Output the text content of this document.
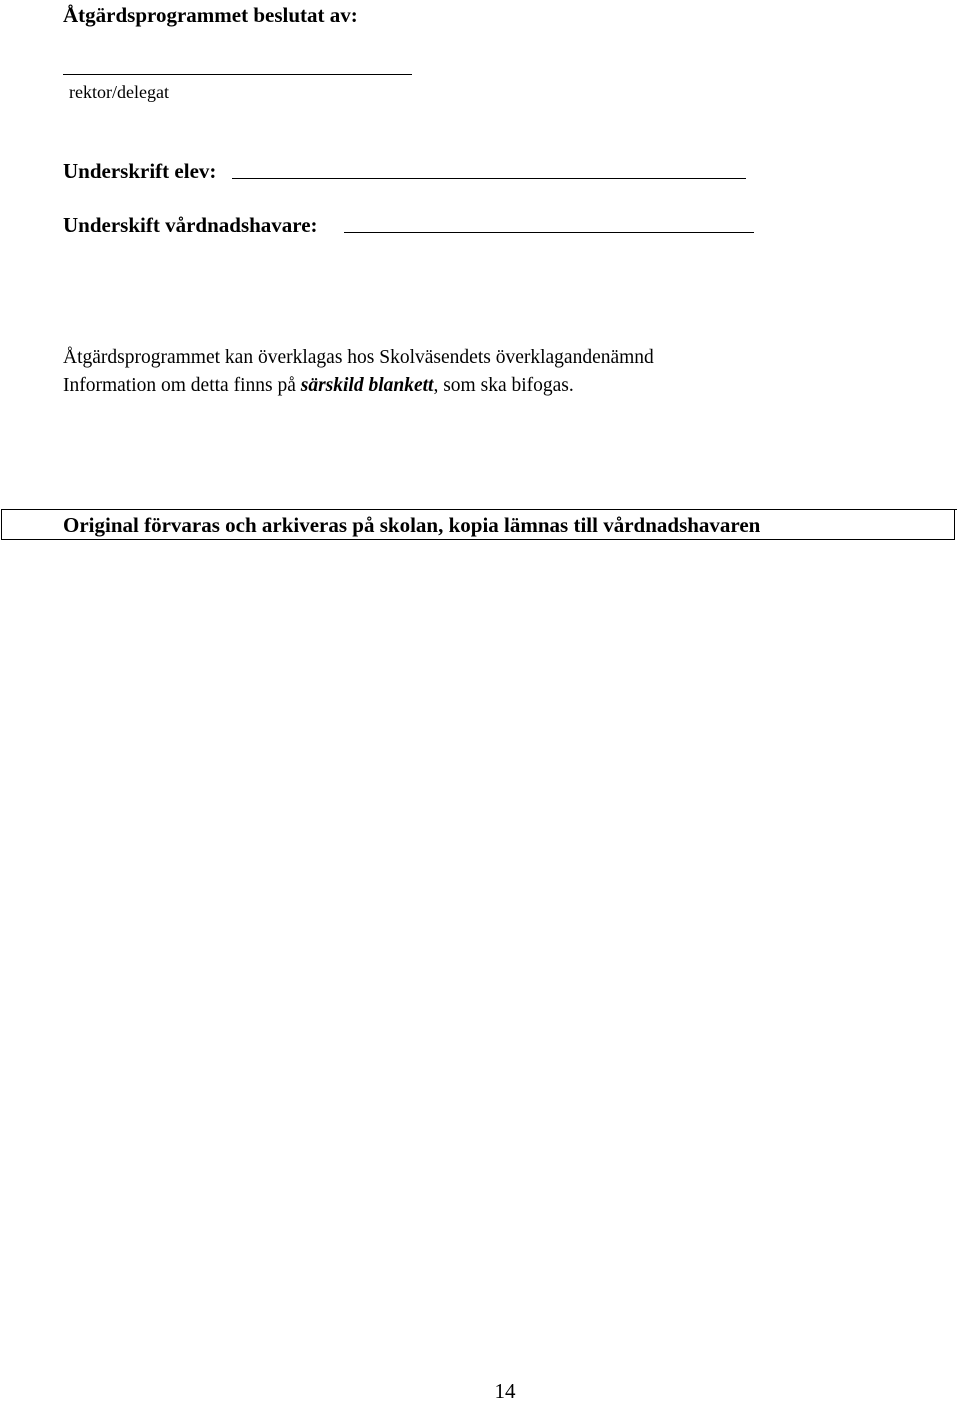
Åtgärdsprogrammet beslutat av:
rektor/delegat
Underskrift elev:
Underskift vårdnadshavare:
Åtgärdsprogrammet kan överklagas hos Skolväsendets överklagandenämnd
Information om detta finns på särskild blankett, som ska bifogas.
Original förvaras och arkiveras på skolan, kopia lämnas till vårdnadshavaren
14
